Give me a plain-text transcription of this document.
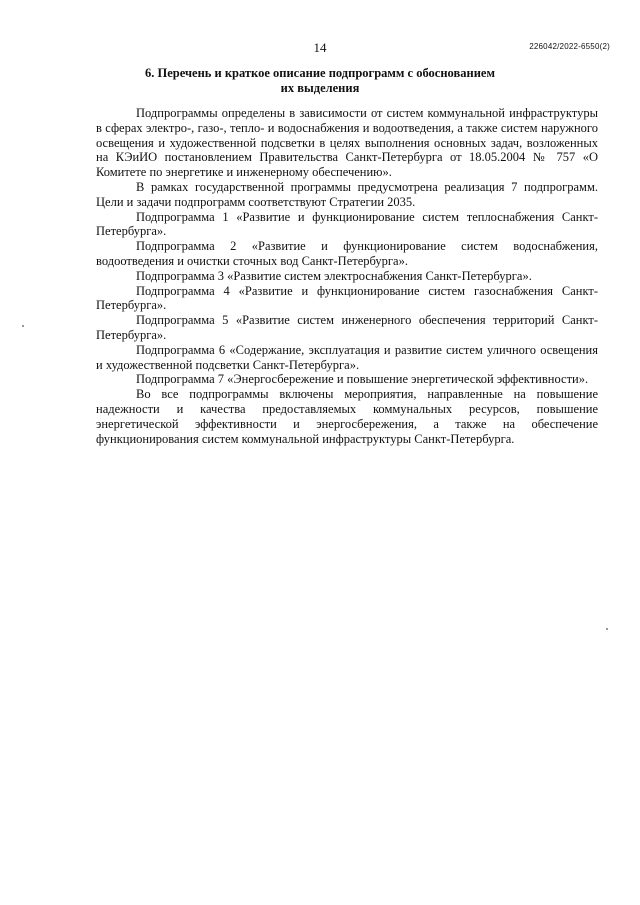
14	226042/2022-6550(2)
6. Перечень и краткое описание подпрограмм с обоснованием
их выделения

Подпрограммы определены в зависимости от систем коммунальной инфраструктуры в сферах электро-, газо-, тепло- и водоснабжения и водоотведения, а также систем наружного освещения и художественной подсветки в целях выполнения основных задач, возложенных на КЭиИО постановлением Правительства Санкт-Петербурга от 18.05.2004 № 757 «О Комитете по энергетике и инженерному обеспечению».

В рамках государственной программы предусмотрена реализация 7 подпрограмм. Цели и задачи подпрограмм соответствуют Стратегии 2035.

Подпрограмма 1 «Развитие и функционирование систем теплоснабжения Санкт-Петербурга».

Подпрограмма 2 «Развитие и функционирование систем водоснабжения, водоотведения и очистки сточных вод Санкт-Петербурга».

Подпрограмма 3 «Развитие систем электроснабжения Санкт-Петербурга».

Подпрограмма 4 «Развитие и функционирование систем газоснабжения Санкт-Петербурга».

Подпрограмма 5 «Развитие систем инженерного обеспечения территорий Санкт-Петербурга».

Подпрограмма 6 «Содержание, эксплуатация и развитие систем уличного освещения и художественной подсветки Санкт-Петербурга».

Подпрограмма 7 «Энергосбережение и повышение энергетической эффективности».

Во все подпрограммы включены мероприятия, направленные на повышение надежности и качества предоставляемых коммунальных ресурсов, повышение энергетической эффективности и энергосбережения, а также на обеспечение функционирования систем коммунальной инфраструктуры Санкт-Петербурга.
